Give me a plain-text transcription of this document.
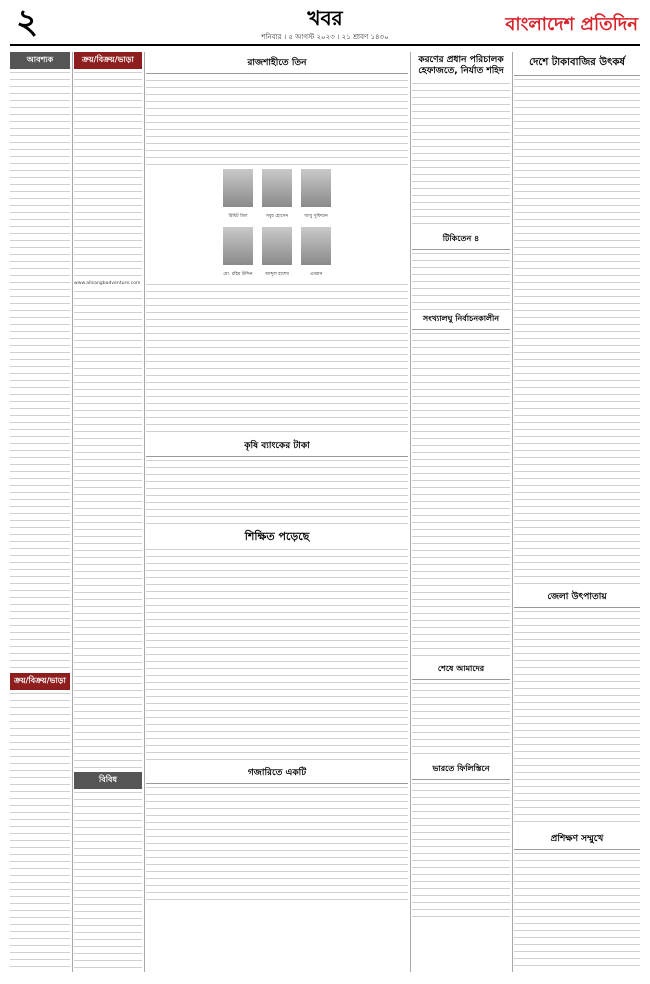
২	খবর
শনিবার । ৫ আগস্ট ২০২৩ । ২১ শ্রাবণ ১৪৩০
বাংলাদেশ প্রতিদিন
আবশ্যক
ক্রয়/বিক্রয়/ভাড়া
ক্রয়/বিক্রয়/ভাড়া
www.allsangbadventure.com
বিবিধ
রাজশাহীতে তিন
রিমিট মিল
	সবুর হোসেন
	আবু সুফিয়ান
মো. রহিম উদ্দিন
	আব্দুল হাশেম
	এমরান
কৃষি ব্যাংকের টাকা
শিক্ষিত পড়েছে
গজারিতে একটি
করণের প্রধান পরিচালক হেফাজতে, নির্যাত শহিদ
টিকিতেন ৪
সংখ্যালঘু নির্বাচনকালীন
শেষে আমাদের
ভারতে ফিলিস্তিনে
দেশে টাকাবাজির উৎকর্ষ
জেলা উৎপাতায়
প্রশিক্ষণ সম্মুখে
